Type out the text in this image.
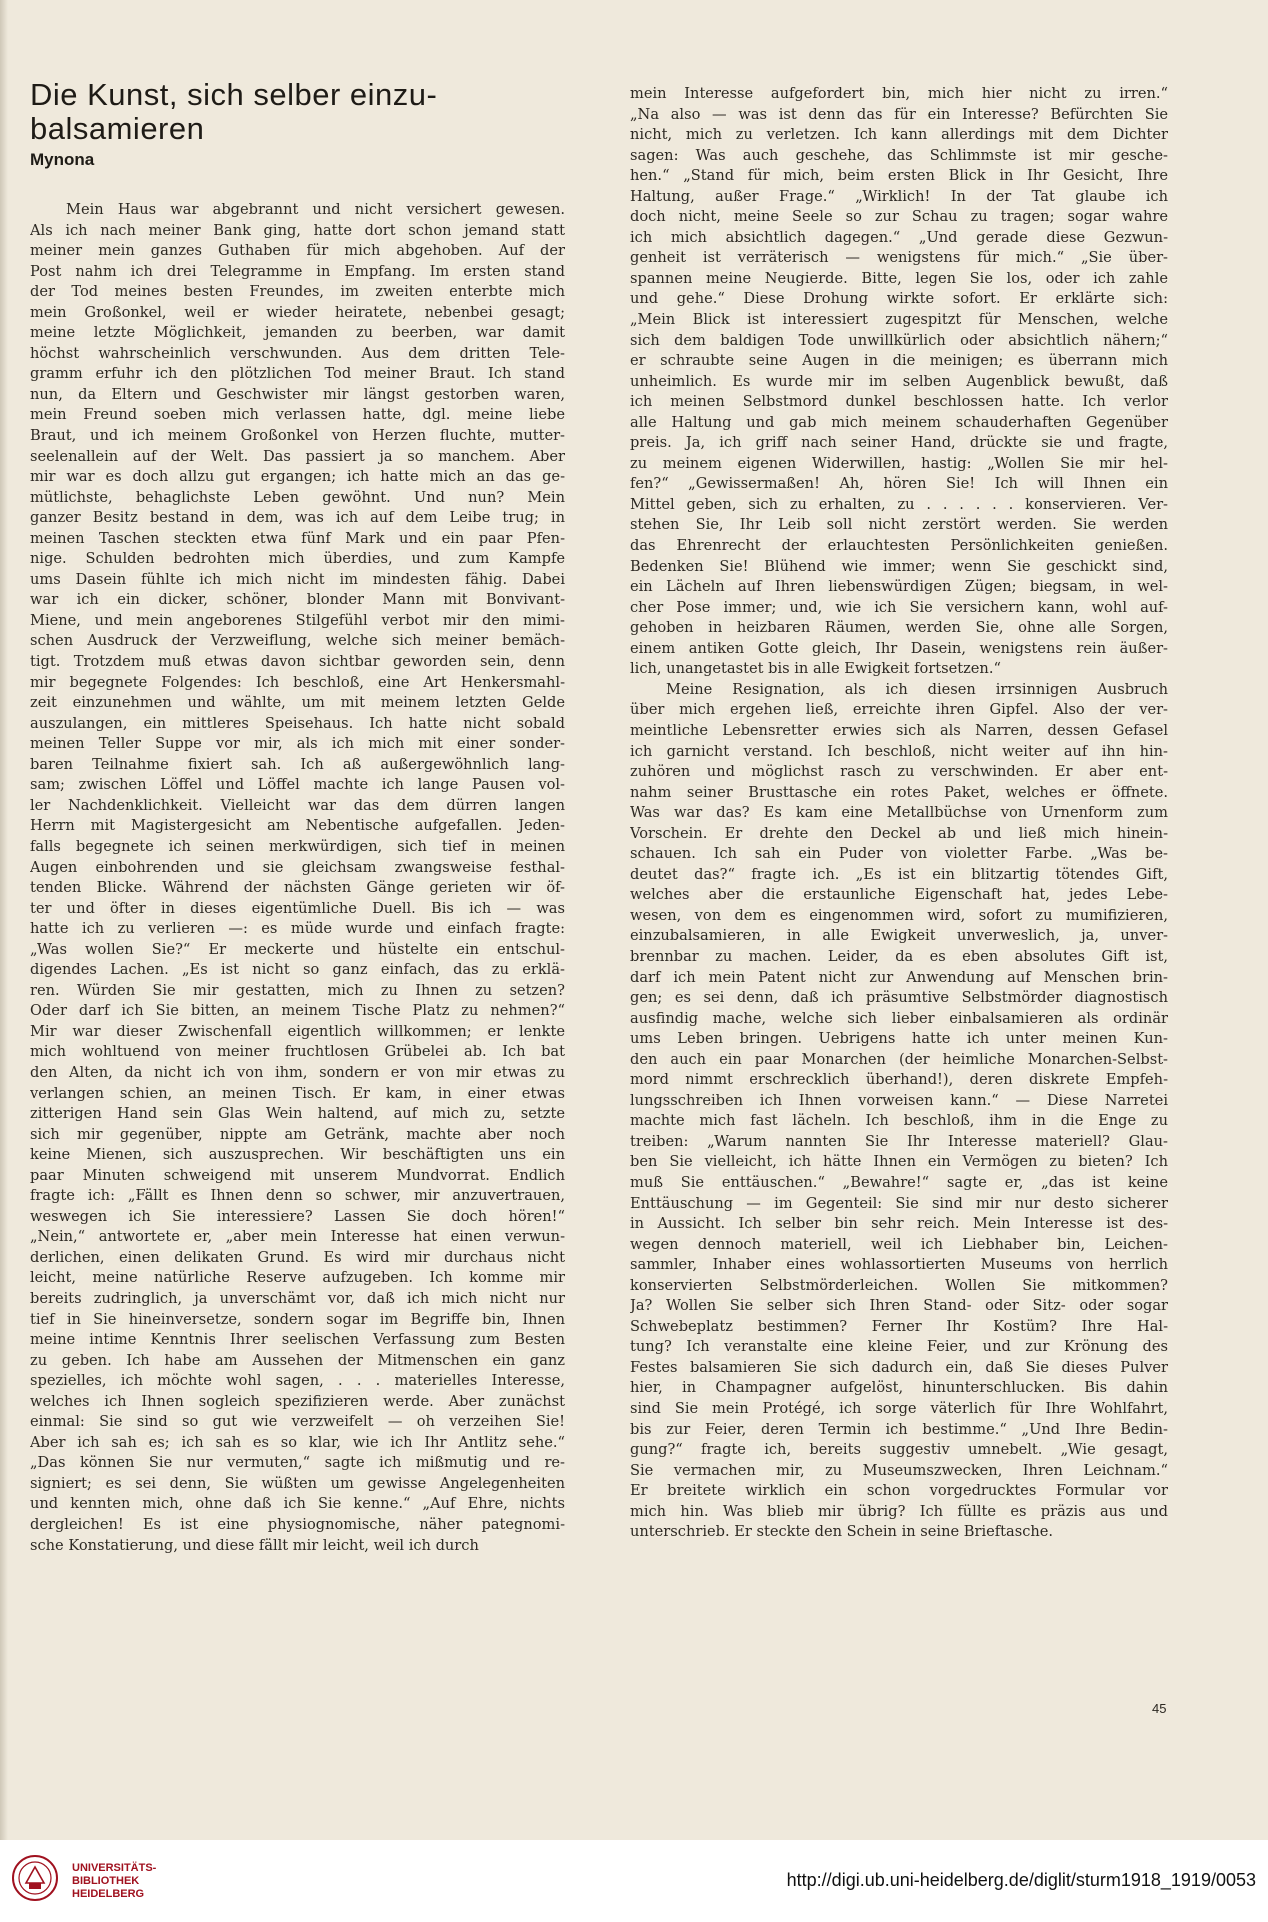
Die Kunst, sich selber einzu-
balsamieren
Mynona
Mein Haus war abgebrannt und nicht versichert gewesen.
Als ich nach meiner Bank ging, hatte dort schon jemand statt
meiner mein ganzes Guthaben für mich abgehoben. Auf der
Post nahm ich drei Telegramme in Empfang. Im ersten stand
der Tod meines besten Freundes, im zweiten enterbte mich
mein Großonkel, weil er wieder heiratete, nebenbei gesagt;
meine letzte Möglichkeit, jemanden zu beerben, war damit
höchst wahrscheinlich verschwunden. Aus dem dritten Tele-
gramm erfuhr ich den plötzlichen Tod meiner Braut. Ich stand
nun, da Eltern und Geschwister mir längst gestorben waren,
mein Freund soeben mich verlassen hatte, dgl. meine liebe
Braut, und ich meinem Großonkel von Herzen fluchte, mutter-
seelenallein auf der Welt. Das passiert ja so manchem. Aber
mir war es doch allzu gut ergangen; ich hatte mich an das ge-
mütlichste, behaglichste Leben gewöhnt. Und nun? Mein
ganzer Besitz bestand in dem, was ich auf dem Leibe trug; in
meinen Taschen steckten etwa fünf Mark und ein paar Pfen-
nige. Schulden bedrohten mich überdies, und zum Kampfe
ums Dasein fühlte ich mich nicht im mindesten fähig. Dabei
war ich ein dicker, schöner, blonder Mann mit Bonvivant-
Miene, und mein angeborenes Stilgefühl verbot mir den mimi-
schen Ausdruck der Verzweiflung, welche sich meiner bemäch-
tigt. Trotzdem muß etwas davon sichtbar geworden sein, denn
mir begegnete Folgendes: Ich beschloß, eine Art Henkersmahl-
zeit einzunehmen und wählte, um mit meinem letzten Gelde
auszulangen, ein mittleres Speisehaus. Ich hatte nicht sobald
meinen Teller Suppe vor mir, als ich mich mit einer sonder-
baren Teilnahme fixiert sah. Ich aß außergewöhnlich lang-
sam; zwischen Löffel und Löffel machte ich lange Pausen vol-
ler Nachdenklichkeit. Vielleicht war das dem dürren langen
Herrn mit Magistergesicht am Nebentische aufgefallen. Jeden-
falls begegnete ich seinen merkwürdigen, sich tief in meinen
Augen einbohrenden und sie gleichsam zwangsweise festhal-
tenden Blicke. Während der nächsten Gänge gerieten wir öf-
ter und öfter in dieses eigentümliche Duell. Bis ich — was
hatte ich zu verlieren —: es müde wurde und einfach fragte:
„Was wollen Sie?“ Er meckerte und hüstelte ein entschul-
digendes Lachen. „Es ist nicht so ganz einfach, das zu erklä-
ren. Würden Sie mir gestatten, mich zu Ihnen zu setzen?
Oder darf ich Sie bitten, an meinem Tische Platz zu nehmen?“
Mir war dieser Zwischenfall eigentlich willkommen; er lenkte
mich wohltuend von meiner fruchtlosen Grübelei ab. Ich bat
den Alten, da nicht ich von ihm, sondern er von mir etwas zu
verlangen schien, an meinen Tisch. Er kam, in einer etwas
zitterigen Hand sein Glas Wein haltend, auf mich zu, setzte
sich mir gegenüber, nippte am Getränk, machte aber noch
keine Mienen, sich auszusprechen. Wir beschäftigten uns ein
paar Minuten schweigend mit unserem Mundvorrat. Endlich
fragte ich: „Fällt es Ihnen denn so schwer, mir anzuvertrauen,
weswegen ich Sie interessiere? Lassen Sie doch hören!“
„Nein,“ antwortete er, „aber mein Interesse hat einen verwun-
derlichen, einen delikaten Grund. Es wird mir durchaus nicht
leicht, meine natürliche Reserve aufzugeben. Ich komme mir
bereits zudringlich, ja unverschämt vor, daß ich mich nicht nur
tief in Sie hineinversetze, sondern sogar im Begriffe bin, Ihnen
meine intime Kenntnis Ihrer seelischen Verfassung zum Besten
zu geben. Ich habe am Aussehen der Mitmenschen ein ganz
spezielles, ich möchte wohl sagen, . . . materielles Interesse,
welches ich Ihnen sogleich spezifizieren werde. Aber zunächst
einmal: Sie sind so gut wie verzweifelt — oh verzeihen Sie!
Aber ich sah es; ich sah es so klar, wie ich Ihr Antlitz sehe.“
„Das können Sie nur vermuten,“ sagte ich mißmutig und re-
signiert; es sei denn, Sie wüßten um gewisse Angelegenheiten
und kennten mich, ohne daß ich Sie kenne.“ „Auf Ehre, nichts
dergleichen! Es ist eine physiognomische, näher pategnomi-
sche Konstatierung, und diese fällt mir leicht, weil ich durch
mein Interesse aufgefordert bin, mich hier nicht zu irren.“
„Na also — was ist denn das für ein Interesse? Befürchten Sie
nicht, mich zu verletzen. Ich kann allerdings mit dem Dichter
sagen: Was auch geschehe, das Schlimmste ist mir gesche-
hen.“ „Stand für mich, beim ersten Blick in Ihr Gesicht, Ihre
Haltung, außer Frage.“ „Wirklich! In der Tat glaube ich
doch nicht, meine Seele so zur Schau zu tragen; sogar wahre
ich mich absichtlich dagegen.“ „Und gerade diese Gezwun-
genheit ist verräterisch — wenigstens für mich.“ „Sie über-
spannen meine Neugierde. Bitte, legen Sie los, oder ich zahle
und gehe.“ Diese Drohung wirkte sofort. Er erklärte sich:
„Mein Blick ist interessiert zugespitzt für Menschen, welche
sich dem baldigen Tode unwillkürlich oder absichtlich nähern;“
er schraubte seine Augen in die meinigen; es überrann mich
unheimlich. Es wurde mir im selben Augenblick bewußt, daß
ich meinen Selbstmord dunkel beschlossen hatte. Ich verlor
alle Haltung und gab mich meinem schauderhaften Gegenüber
preis. Ja, ich griff nach seiner Hand, drückte sie und fragte,
zu meinem eigenen Widerwillen, hastig: „Wollen Sie mir hel-
fen?“ „Gewissermaßen! Ah, hören Sie! Ich will Ihnen ein
Mittel geben, sich zu erhalten, zu . . . . . . konservieren. Ver-
stehen Sie, Ihr Leib soll nicht zerstört werden. Sie werden
das Ehrenrecht der erlauchtesten Persönlichkeiten genießen.
Bedenken Sie! Blühend wie immer; wenn Sie geschickt sind,
ein Lächeln auf Ihren liebenswürdigen Zügen; biegsam, in wel-
cher Pose immer; und, wie ich Sie versichern kann, wohl auf-
gehoben in heizbaren Räumen, werden Sie, ohne alle Sorgen,
einem antiken Gotte gleich, Ihr Dasein, wenigstens rein äußer-
lich, unangetastet bis in alle Ewigkeit fortsetzen.“
Meine Resignation, als ich diesen irrsinnigen Ausbruch
über mich ergehen ließ, erreichte ihren Gipfel. Also der ver-
meintliche Lebensretter erwies sich als Narren, dessen Gefasel
ich garnicht verstand. Ich beschloß, nicht weiter auf ihn hin-
zuhören und möglichst rasch zu verschwinden. Er aber ent-
nahm seiner Brusttasche ein rotes Paket, welches er öffnete.
Was war das? Es kam eine Metallbüchse von Urnenform zum
Vorschein. Er drehte den Deckel ab und ließ mich hinein-
schauen. Ich sah ein Puder von violetter Farbe. „Was be-
deutet das?“ fragte ich. „Es ist ein blitzartig tötendes Gift,
welches aber die erstaunliche Eigenschaft hat, jedes Lebe-
wesen, von dem es eingenommen wird, sofort zu mumifizieren,
einzubalsamieren, in alle Ewigkeit unverweslich, ja, unver-
brennbar zu machen. Leider, da es eben absolutes Gift ist,
darf ich mein Patent nicht zur Anwendung auf Menschen brin-
gen; es sei denn, daß ich präsumtive Selbstmörder diagnostisch
ausfindig mache, welche sich lieber einbalsamieren als ordinär
ums Leben bringen. Uebrigens hatte ich unter meinen Kun-
den auch ein paar Monarchen (der heimliche Monarchen-Selbst-
mord nimmt erschrecklich überhand!), deren diskrete Empfeh-
lungsschreiben ich Ihnen vorweisen kann.“ — Diese Narretei
machte mich fast lächeln. Ich beschloß, ihm in die Enge zu
treiben: „Warum nannten Sie Ihr Interesse materiell? Glau-
ben Sie vielleicht, ich hätte Ihnen ein Vermögen zu bieten? Ich
muß Sie enttäuschen.“ „Bewahre!“ sagte er, „das ist keine
Enttäuschung — im Gegenteil: Sie sind mir nur desto sicherer
in Aussicht. Ich selber bin sehr reich. Mein Interesse ist des-
wegen dennoch materiell, weil ich Liebhaber bin, Leichen-
sammler, Inhaber eines wohlassortierten Museums von herrlich
konservierten Selbstmörderleichen. Wollen Sie mitkommen?
Ja? Wollen Sie selber sich Ihren Stand- oder Sitz- oder sogar
Schwebeplatz bestimmen? Ferner Ihr Kostüm? Ihre Hal-
tung? Ich veranstalte eine kleine Feier, und zur Krönung des
Festes balsamieren Sie sich dadurch ein, daß Sie dieses Pulver
hier, in Champagner aufgelöst, hinunterschlucken. Bis dahin
sind Sie mein Protégé, ich sorge väterlich für Ihre Wohlfahrt,
bis zur Feier, deren Termin ich bestimme.“ „Und Ihre Bedin-
gung?“ fragte ich, bereits suggestiv umnebelt. „Wie gesagt,
Sie vermachen mir, zu Museumszwecken, Ihren Leichnam.“
Er breitete wirklich ein schon vorgedrucktes Formular vor
mich hin. Was blieb mir übrig? Ich füllte es präzis aus und
unterschrieb. Er steckte den Schein in seine Brieftasche.
45
UNIVERSITÄTS-
BIBLIOTHEK
HEIDELBERG
http://digi.ub.uni-heidelberg.de/diglit/sturm1918_1919/0053
